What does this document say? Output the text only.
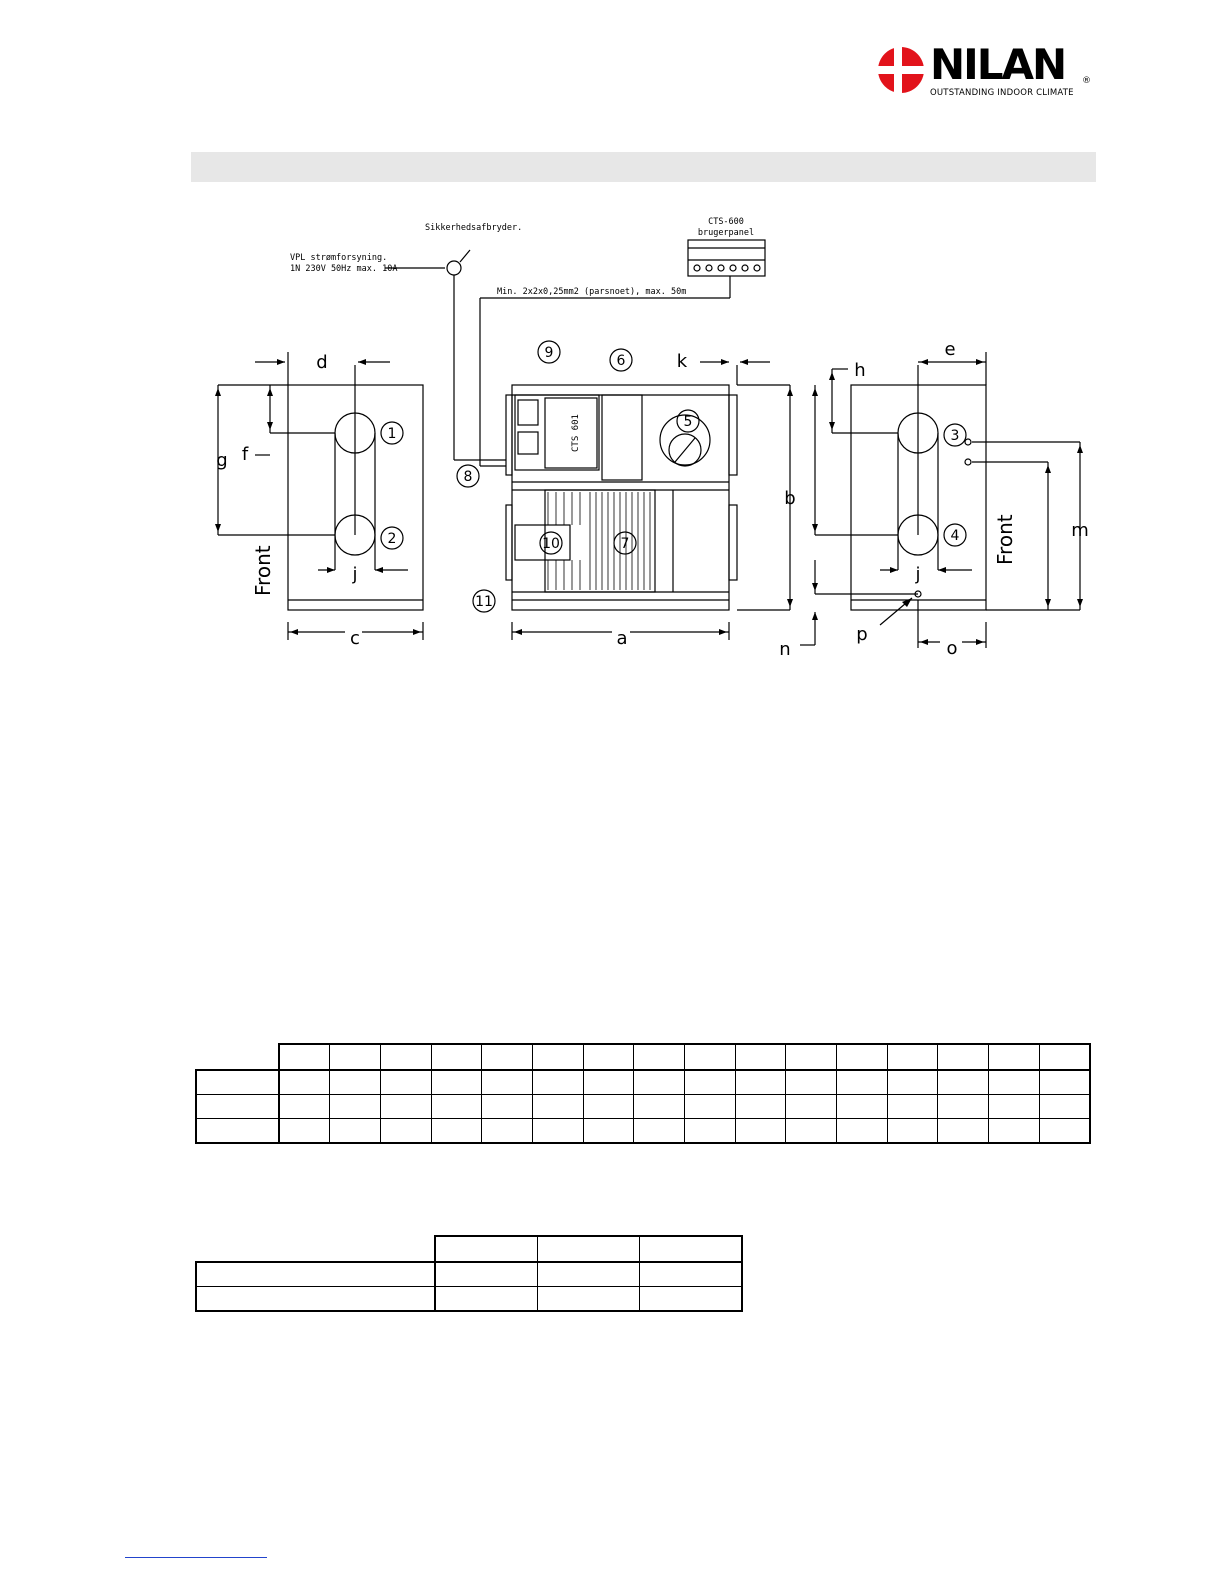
NILAN ®
OUTSTANDING INDOOR CLIMATE
VPL strømforsyning.
1N 230V 50Hz max. 10A
Sikkerhedsafbryder.
CTS-600
brugerpanel
Min. 2x2x0,25mm2 (parsnoet), max. 50m
CTS 601
Front
Front
a
b
c
d
e
f
g
h
j	j
k
m
n	o
p
1
2
3
4
5
6
7
8
9
10
11
